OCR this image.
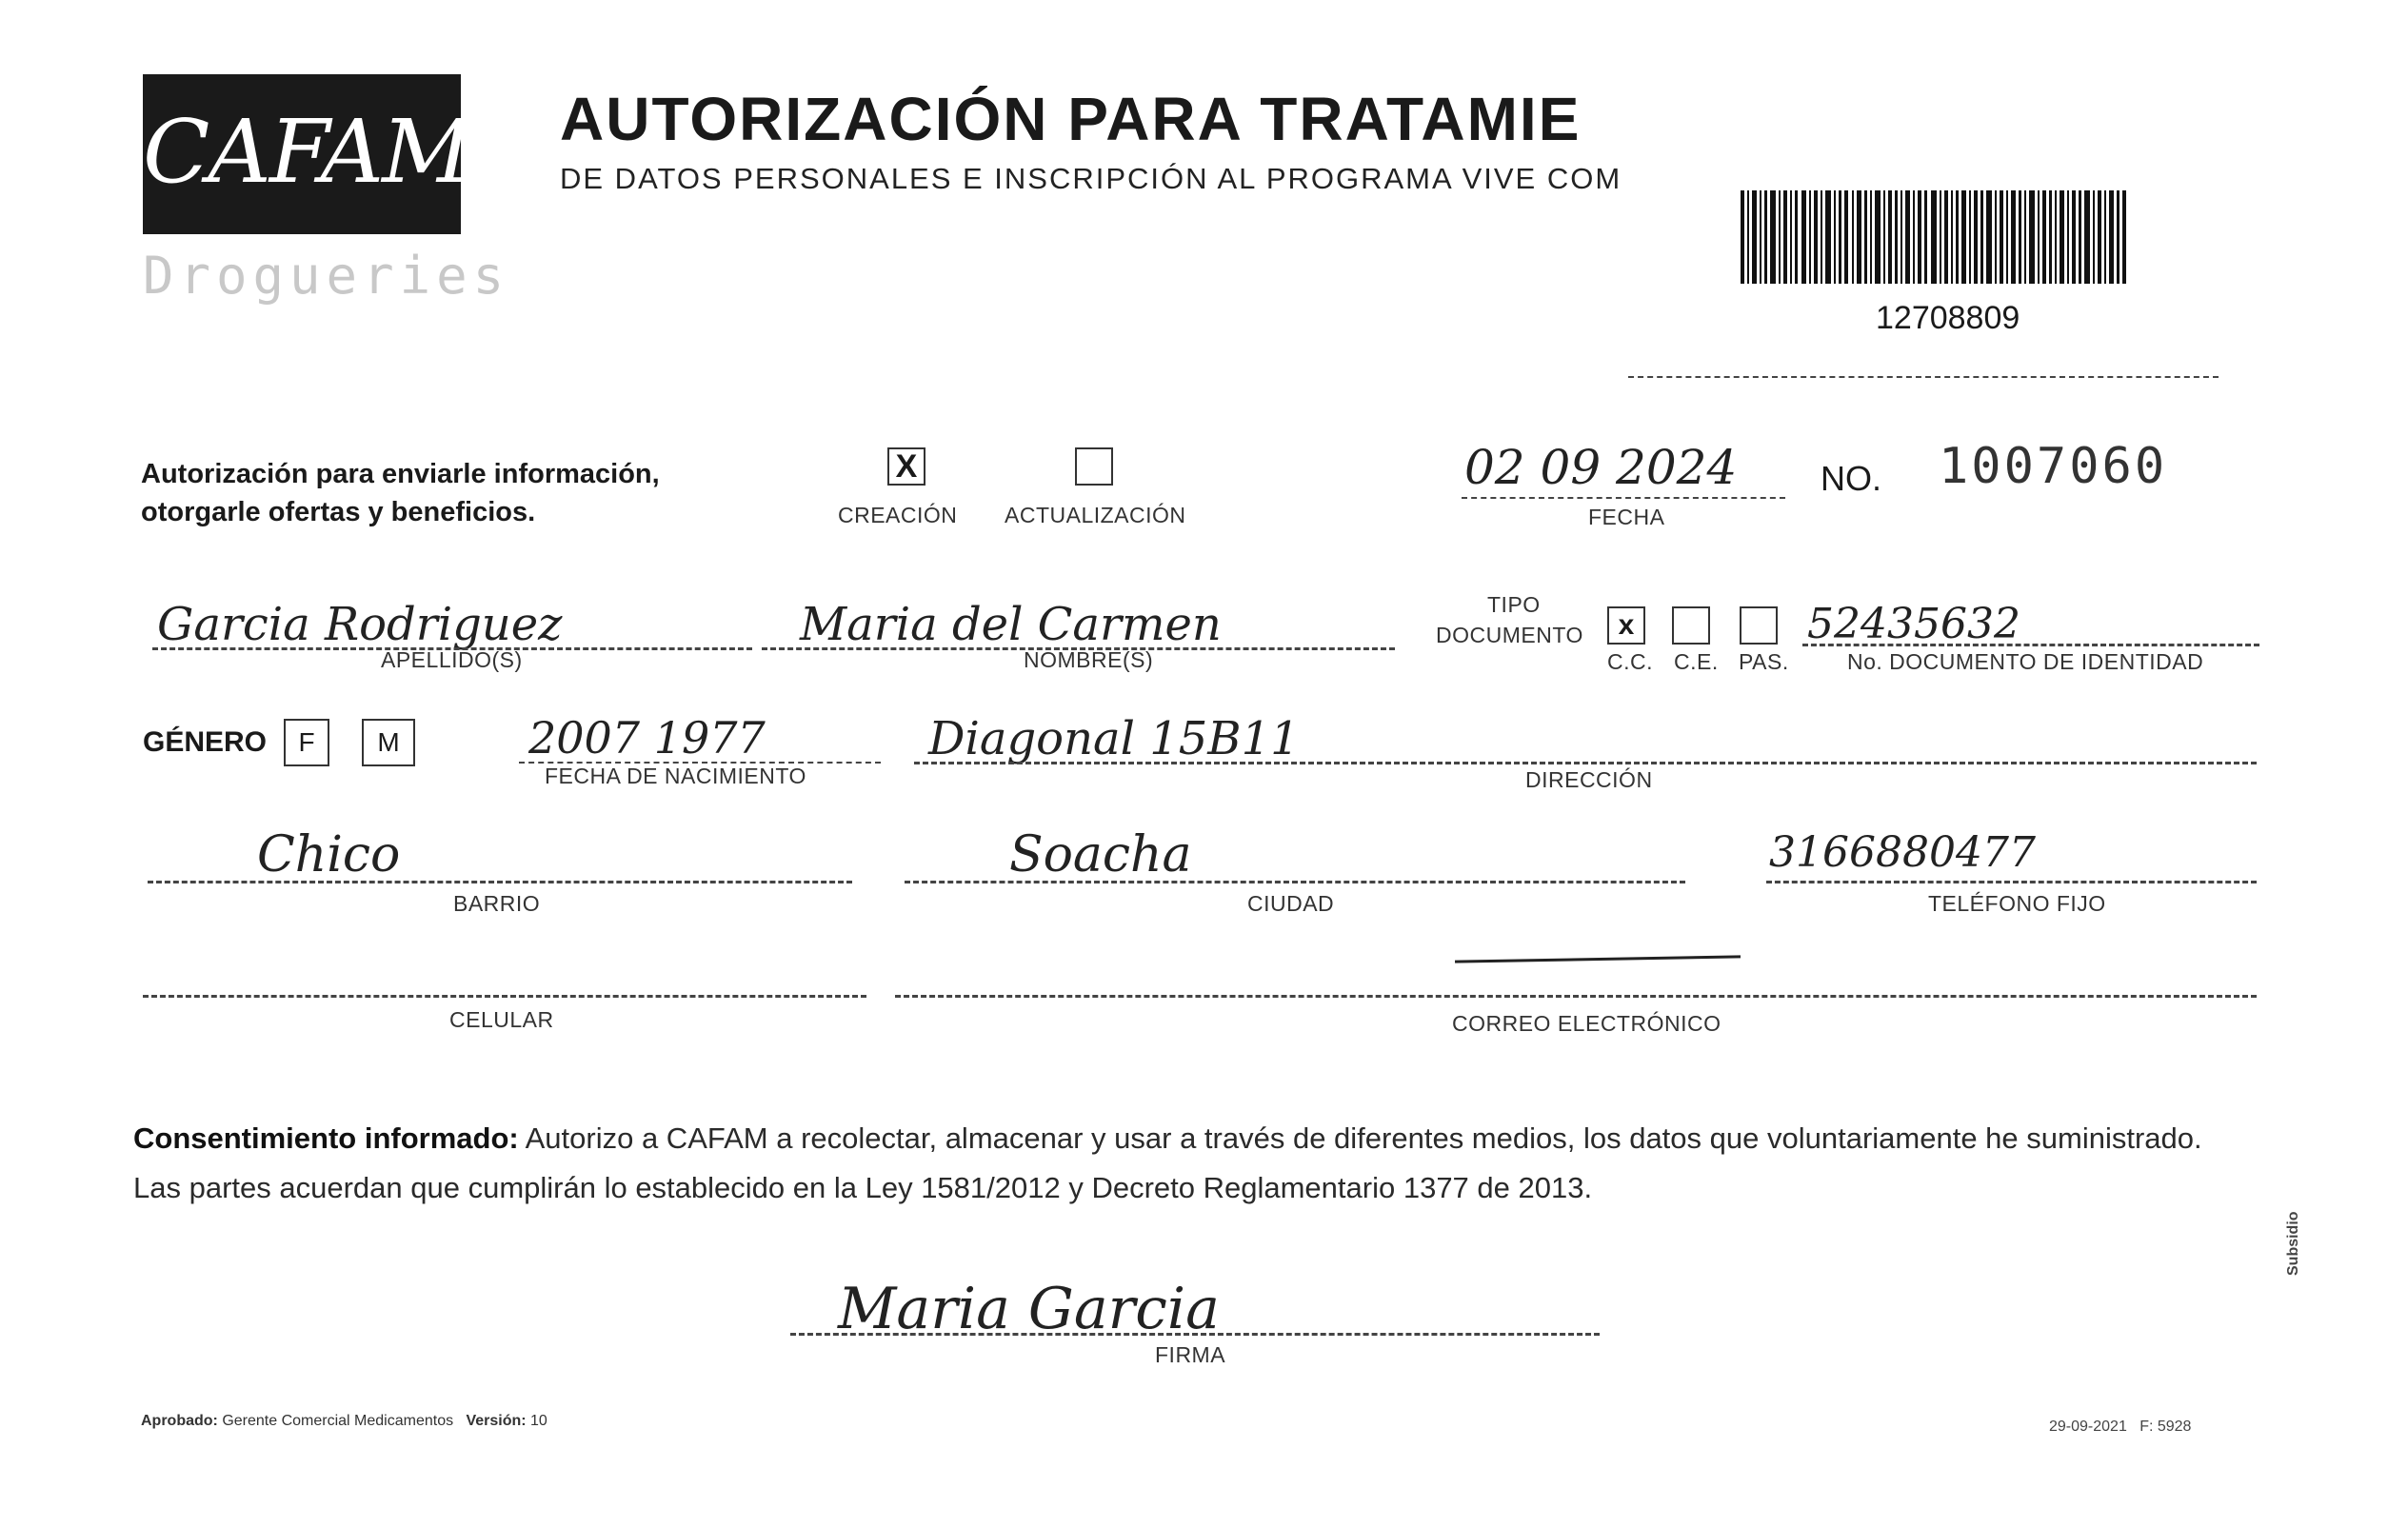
CAFAM
Drogueries
AUTORIZACIÓN PARA TRATAMIE
DE DATOS PERSONALES E INSCRIPCIÓN AL PROGRAMA VIVE COM
12708809
Autorización para enviarle información,
otorgarle ofertas y beneficios.
X
CREACIÓN ACTUALIZACIÓN
02 09 2024
FECHA
NO. 1007060
Garcia Rodriguez
APELLIDO(S)
Maria del Carmen
NOMBRE(S)
TIPO
DOCUMENTO	x
C.C. C.E. PAS.
52435632
No. DOCUMENTO DE IDENTIDAD
GÉNERO	F	M	2007 1977
FECHA DE NACIMIENTO
Diagonal 15B11
DIRECCIÓN
Chico
BARRIO
Soacha
CIUDAD
3166880477
TELÉFONO FIJO
CELULAR	CORREO ELECTRÓNICO
Consentimiento informado: Autorizo a CAFAM a recolectar, almacenar y usar a través de diferentes medios, los datos que voluntariamente he suministrado.
Las partes acuerdan que cumplirán lo establecido en la Ley 1581/2012 y Decreto Reglamentario 1377 de 2013.
Maria Garcia
FIRMA
Aprobado: Gerente Comercial Medicamentos Versión: 10	29-09-2021 F: 5928
Subsidio
